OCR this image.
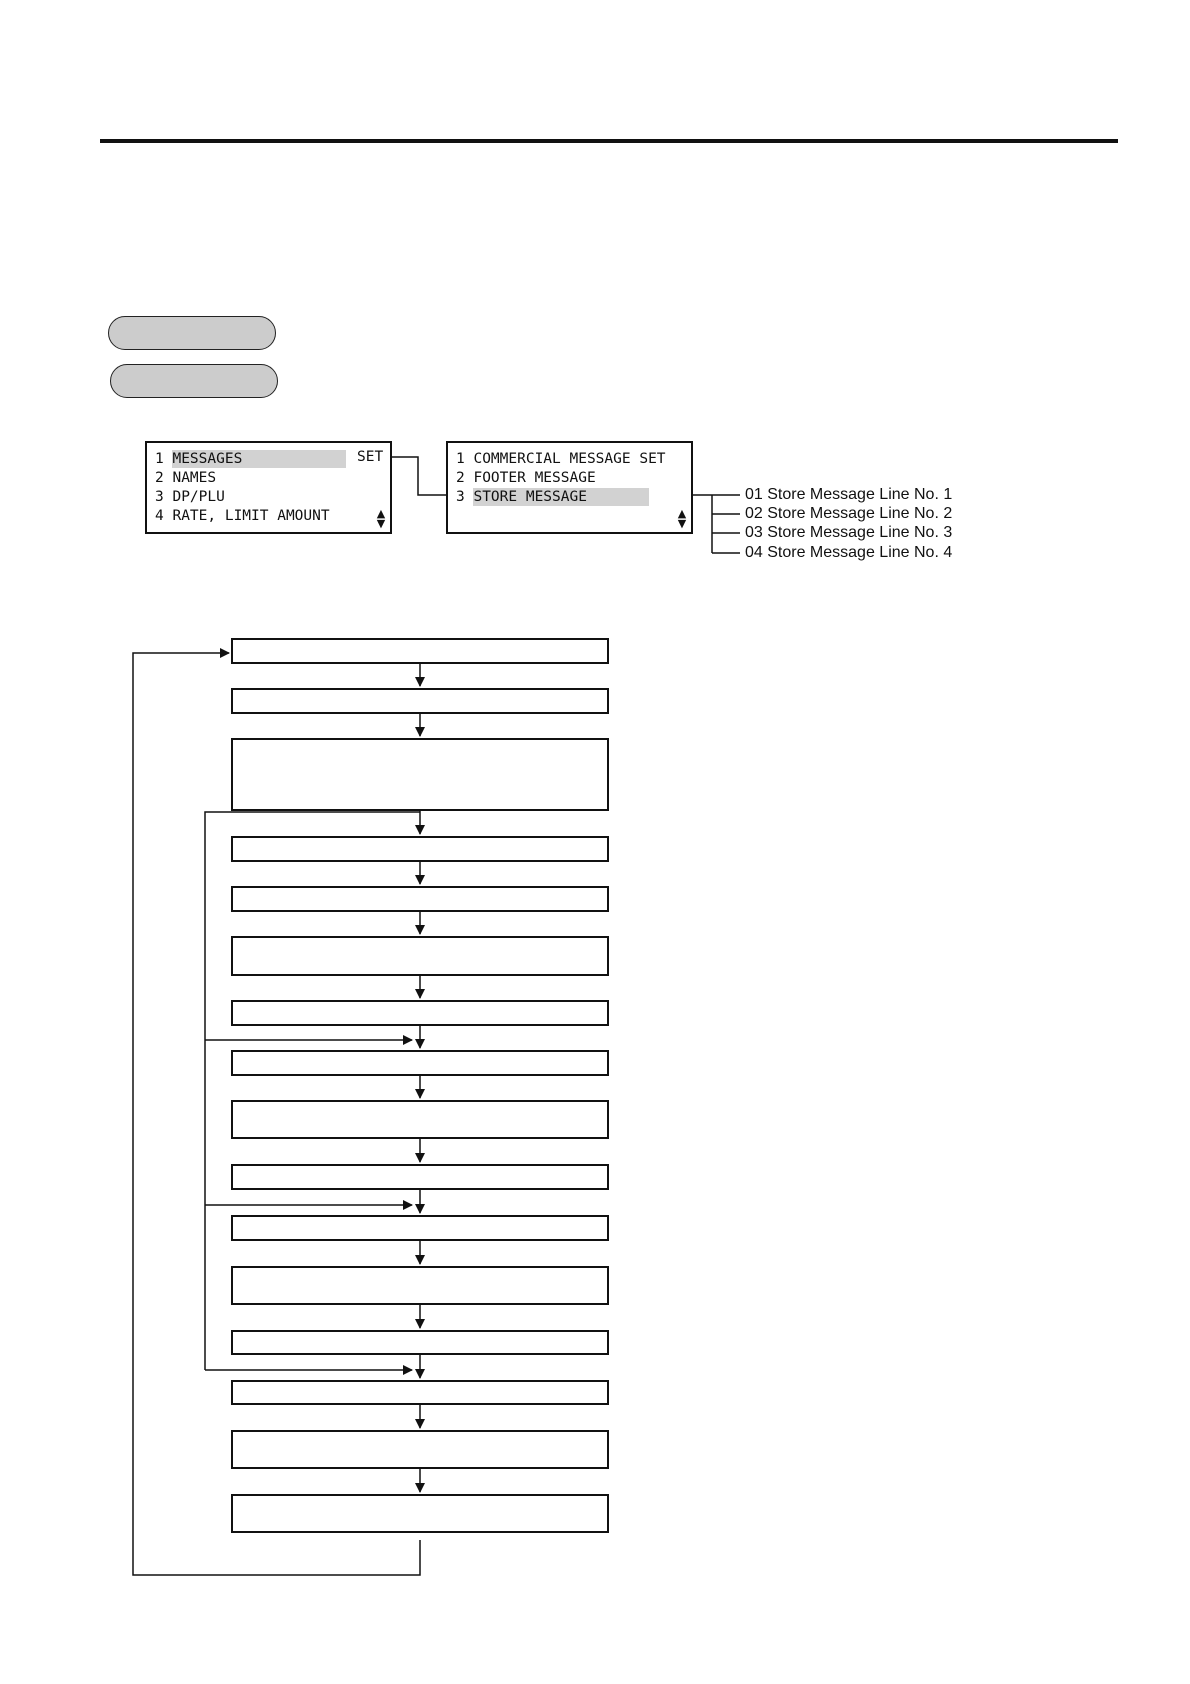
1 MESSAGES
2 NAMES
3 DP/PLU
4 RATE, LIMIT AMOUNT	▲
▼
SET	1 COMMERCIAL MESSAGE SET
2 FOOTER MESSAGE
3 STORE MESSAGE
▲
▼
01 Store Message Line No. 1
02 Store Message Line No. 2
03 Store Message Line No. 3
04 Store Message Line No. 4
